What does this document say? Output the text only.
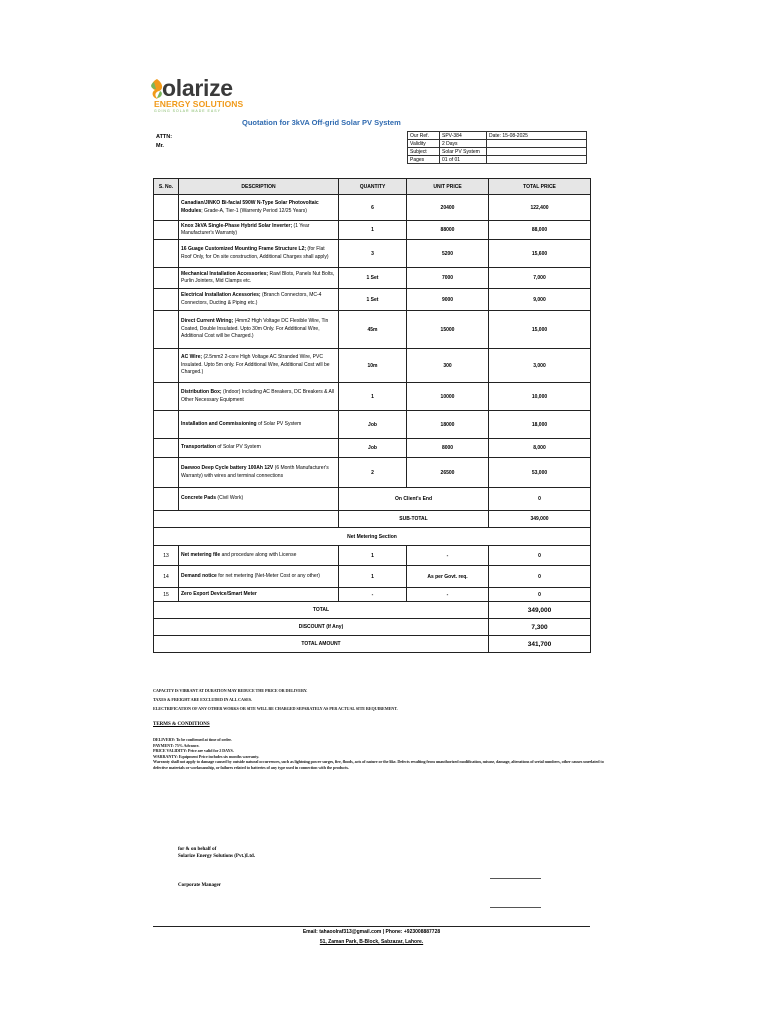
olarize
ENERGY SOLUTIONS
GOING SOLAR MADE EASY
Quotation for 3kVA Off-grid Solar PV System
ATTN:
Mr.
Our Ref.	SPV-384	Date: 15-08-2025
Validity	2 Days	
Subject	Solar PV System	
Pages	01 of 01	
S. No.	DESCRIPTION	QUANTITY	UNIT PRICE	TOTAL PRICE
	Canadian/JINKO Bi-facial 590W N-Type Solar Photovoltaic Modules; Grade-A, Tier-1 (Warrenty Period 12/25 Years)	6	20400	122,400
	Knox 3kVA Single-Phase Hybrid Solar Inverter; (1 Year Manufacturer's Warranty)	1	88000	88,000
	16 Guage Customized Mounting Frame Structure L2; (for Flat Roof Only, for On site construction, Additional Charges shall apply)	3	5200	15,600
	Mechanical Installation Accessories; Rawl Blots, Panels Nut Bolts, Purlin Jointers, Mid Clamps etc.	1 Set	7000	7,000
	Electrical Installation Acessories; (Branch Connectors, MC-4 Connectors, Ducting & Piping etc.)	1 Set	9000	9,000
	Direct Current Wiring; (4mm2 High Voltage DC Flexible Wire, Tin Coated, Double Insulated. Upto 30m Only. For Additional Wire, Additional Cost will be Charged.)	45m	15000	15,000
	AC Wire; (2.5mm2 2-core High Voltage AC Stranded Wire, PVC Insulated. Upto 5m only. For Additional Wire, Additional Cost will be Charged.)	10m	300	3,000
	Distribution Box; (Indoor) Including AC Breakers, DC Breakers & All Other Necessary Equipment	1	10000	10,000
	Installation and Commissioning of Solar PV System	Job	18000	18,000
	Transportation of Solar PV System	Job	8000	8,000
	Daewoo Deep Cycle battery 100Ah 12V (6 Month Manufacturer's Warranty) with wires and terminal connections	2	26500	53,000
	Concrete Pads (Civil Work)	On Client's End		0
		SUB-TOTAL		349,000
Net Metering Section				
13	Net metering file and procedure along with License	1	-	0
14	Demand notice for net metering (Net-Meter Cost or any other)	1	As per Govt. req.	0
15	Zero Export Device/Smart Meter	-	-	0
TOTAL				349,000
DISCOUNT (If Any)				7,300
TOTAL AMOUNT				341,700
CAPACITY IS VIBRANT AT DURATION MAY REDUCE THE PRICE OR DELIVERY.
TAXES & FREIGHT ARE EXCLUDED IN ALL CASES.
ELECTRIFICATION OF ANY OTHER WORKS OR SITE WILL BE CHARGED SEPARATELY AS PER ACTUAL SITE REQUIREMENT.
TERMS & CONDITIONS
DELIVERY: To be confirmed at time of order.
PAYMENT: 75% Advance.
PRICE VALIDITY: Price are valid for 2 DAYS.
WARRANTY: Equipment Price includes six months warranty.
Warranty shall not apply to damage caused by outside natural occurrences, such as lightning power surges, fire, floods, acts of nature or the like. Defects resulting from unauthorized modification, misuse, damage, alterations of serial numbers, other causes unrelated to defective materials or workmanship, or failures related to batteries of any type used in connection with the products.
for & on behalf of
Solarize Energy Solutions (Pvt.)Ltd.
Corporate Manager
Email: tahaoolraf313@gmail.com | Phone: +923008887728
51, Zaman Park, B-Block, Sabzazar, Lahore.
